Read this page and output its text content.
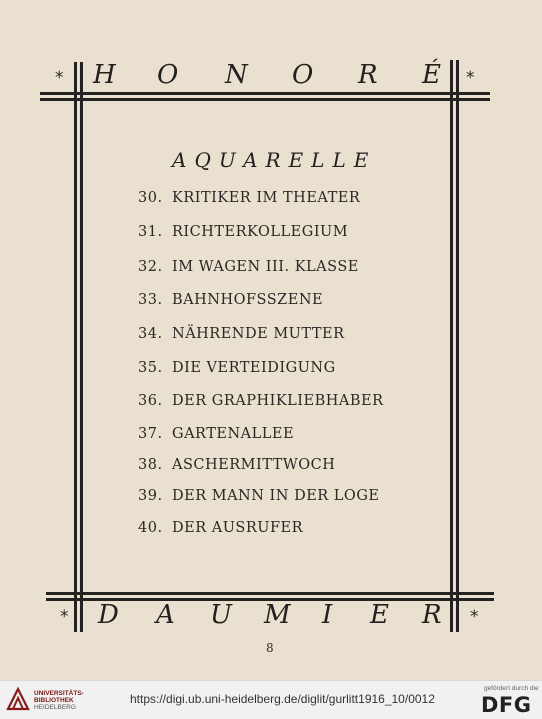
* H O N O R É *
AQUARELLE
30. KRITIKER IM THEATER
31. RICHTERKOLLEGIUM
32. IM WAGEN III. KLASSE
33. BAHNHOFSSZENE
34. NÄHRENDE MUTTER
35. DIE VERTEIDIGUNG
36. DER GRAPHIKLIEBHABER
37. GARTENALLEE
38. ASCHERMITTWOCH
39. DER MANN IN DER LOGE
40. DER AUSRUFER
* D A U M I E R *
8
UNIVERSITÄTS-
BIBLIOTHEK
HEIDELBERG
https://digi.ub.uni-heidelberg.de/diglit/gurlitt1916_10/0012
gefördert durch die
DFG
